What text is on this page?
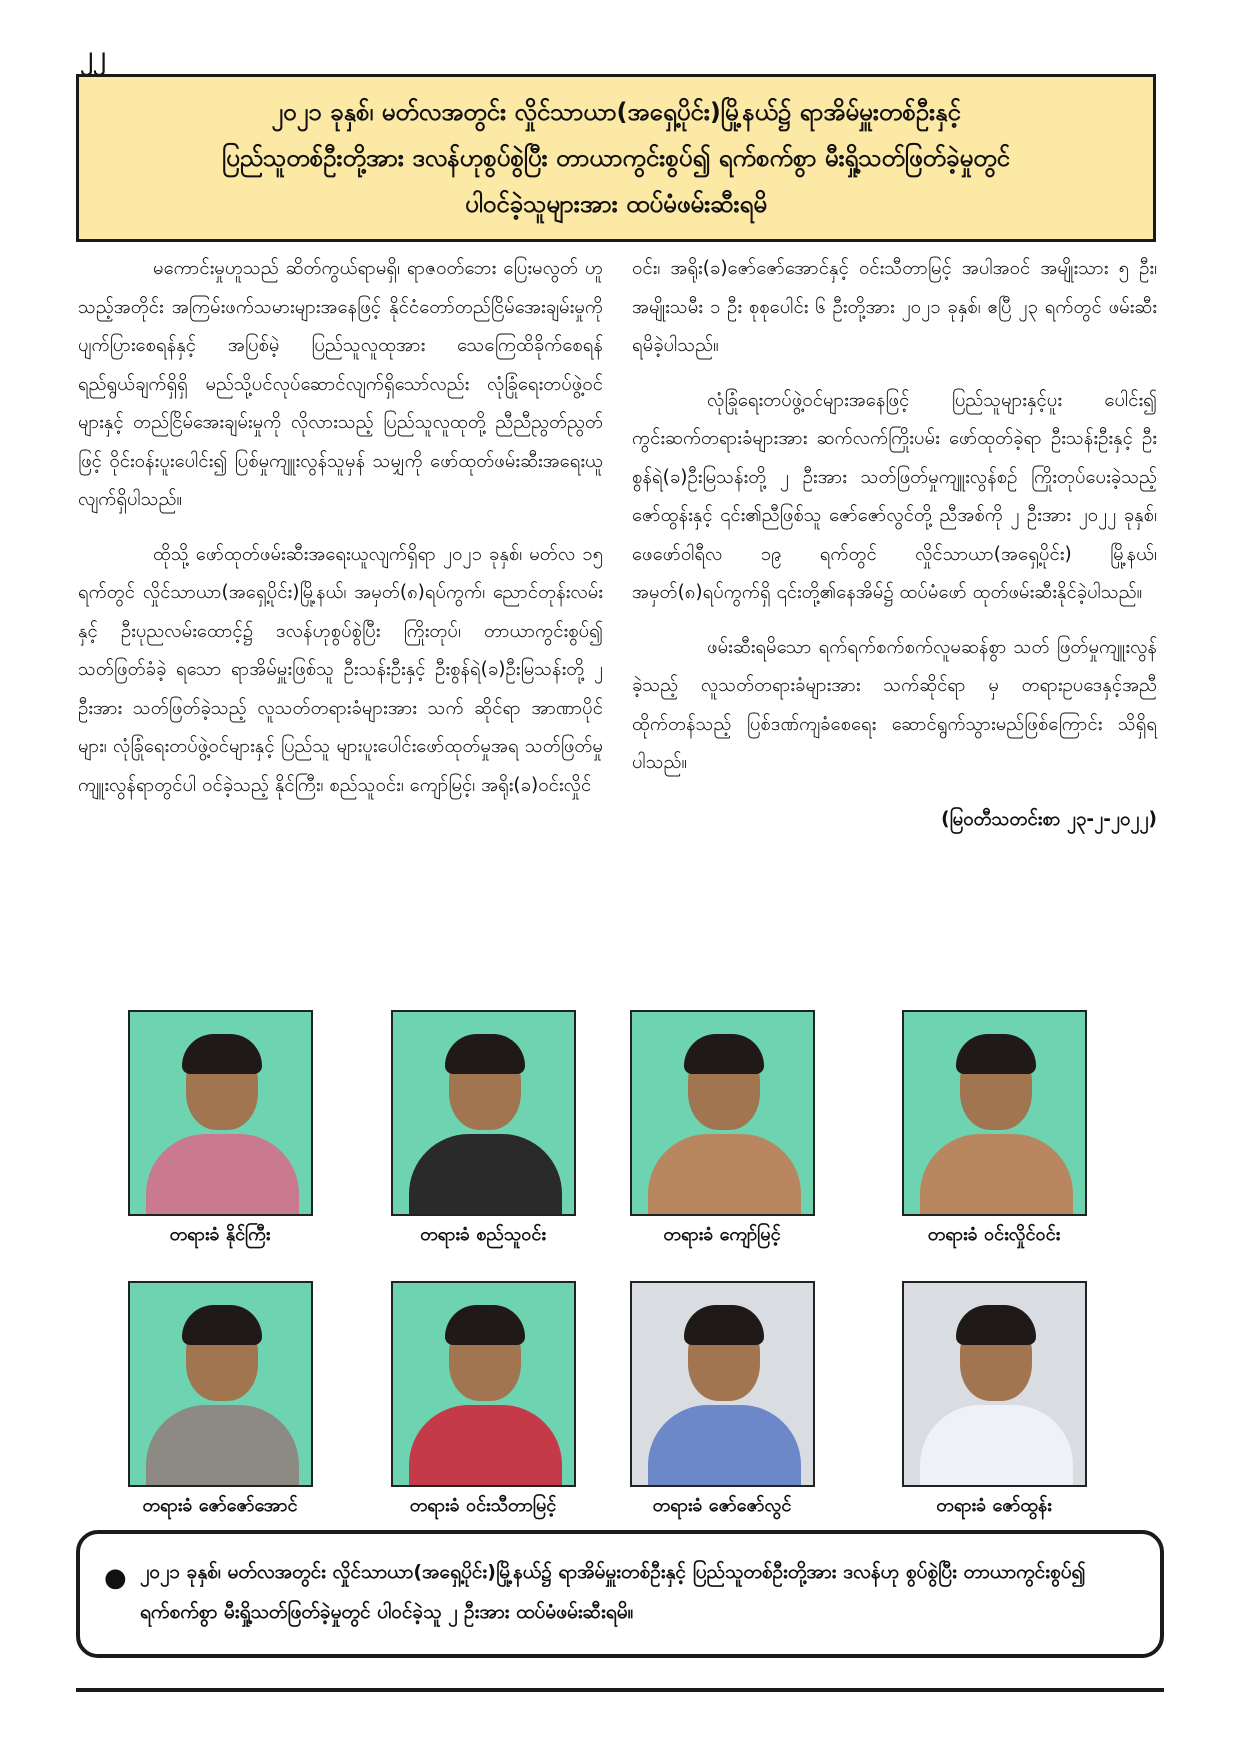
၂၂
၂၀၂၁ ခုနှစ်၊ မတ်လအတွင်း လှိုင်သာယာ(အရှေ့ပိုင်း)မြို့နယ်၌ ရာအိမ်မှူးတစ်ဦးနှင့်
ပြည်သူတစ်ဦးတို့အား ဒလန်ဟုစွပ်စွဲပြီး တာယာကွင်းစွပ်၍ ရက်စက်စွာ မီးရှို့သတ်ဖြတ်ခဲ့မှုတွင်
ပါဝင်ခဲ့သူများအား ထပ်မံဖမ်းဆီးရမိ

မကောင်းမှုဟူသည် ဆိတ်ကွယ်ရာမရှိ၊ ရာဇဝတ်ဘေး ပြေးမလွတ် ဟူသည့်အတိုင်း အကြမ်းဖက်သမားများအနေဖြင့် နိုင်ငံတော်တည်ငြိမ်အေးချမ်းမှုကို ပျက်ပြားစေရန်နှင့် အပြစ်မဲ့ ပြည်သူလူထုအား သေကြေထိခိုက်စေရန် ရည်ရွယ်ချက်ရှိရှိ မည်သို့ပင်လုပ်ဆောင်လျက်ရှိသော်လည်း လုံခြုံရေးတပ်ဖွဲ့ဝင် များနှင့် တည်ငြိမ်အေးချမ်းမှုကို လိုလားသည့် ပြည်သူလူထုတို့ ညီညီညွတ်ညွတ်ဖြင့် ဝိုင်းဝန်းပူးပေါင်း၍ ပြစ်မှုကျူးလွန်သူမှန် သမျှကို ဖော်ထုတ်ဖမ်းဆီးအရေးယူလျက်ရှိပါသည်။

ထိုသို့ ဖော်ထုတ်ဖမ်းဆီးအရေးယူလျက်ရှိရာ ၂၀၂၁ ခုနှစ်၊ မတ်လ ၁၅ ရက်တွင် လှိုင်သာယာ(အရှေ့ပိုင်း)မြို့နယ်၊ အမှတ်(၈)ရပ်ကွက်၊ ညောင်တုန်းလမ်းနှင့် ဦးပုညလမ်းထောင့်၌ ဒလန်ဟုစွပ်စွဲပြီး ကြိုးတုပ်၊ တာယာကွင်းစွပ်၍ သတ်ဖြတ်ခံခဲ့ ရသော ရာအိမ်မှူးဖြစ်သူ ဦးသန်းဦးနှင့် ဦးစွန်ရဲ(ခ)ဦးမြသန်းတို့ ၂ ဦးအား သတ်ဖြတ်ခဲ့သည့် လူသတ်တရားခံများအား သက် ဆိုင်ရာ အာဏာပိုင်များ၊ လုံခြုံရေးတပ်ဖွဲ့ဝင်များနှင့် ပြည်သူ များပူးပေါင်းဖော်ထုတ်မှုအရ သတ်ဖြတ်မှု ကျူးလွန်ရာတွင်ပါ ဝင်ခဲ့သည့် နိုင်ကြီး၊ စည်သူဝင်း၊ ကျော်မြင့်၊ အရိုး(ခ)ဝင်းလှိုင်

ဝင်း၊ အရိုး(ခ)ဇော်ဇော်အောင်နှင့် ဝင်းသီတာမြင့် အပါအဝင် အမျိုးသား ၅ ဦး၊ အမျိုးသမီး ၁ ဦး စုစုပေါင်း ၆ ဦးတို့အား ၂၀၂၁ ခုနှစ်၊ ဧပြီ ၂၃ ရက်တွင် ဖမ်းဆီးရမိခဲ့ပါသည်။

လုံခြုံရေးတပ်ဖွဲ့ဝင်များအနေဖြင့် ပြည်သူများနှင့်ပူး ပေါင်း၍ ကွင်းဆက်တရားခံများအား ဆက်လက်ကြိုးပမ်း ဖော်ထုတ်ခဲ့ရာ ဦးသန်းဦးနှင့် ဦးစွန်ရဲ(ခ)ဦးမြသန်းတို့ ၂ ဦးအား သတ်ဖြတ်မှုကျူးလွန်စဉ် ကြိုးတုပ်ပေးခဲ့သည့် ဇော်ထွန်းနှင့် ၎င်း၏ညီဖြစ်သူ ဇော်ဇော်လွင်တို့ ညီအစ်ကို ၂ ဦးအား ၂၀၂၂ ခုနှစ်၊ ဖေဖော်ဝါရီလ ၁၉ ရက်တွင် လှိုင်သာယာ(အရှေ့ပိုင်း) မြို့နယ်၊ အမှတ်(၈)ရပ်ကွက်ရှိ ၎င်းတို့၏နေအိမ်၌ ထပ်မံဖော် ထုတ်ဖမ်းဆီးနိုင်ခဲ့ပါသည်။

ဖမ်းဆီးရမိသော ရက်ရက်စက်စက်လူမဆန်စွာ သတ် ဖြတ်မှုကျူးလွန်ခဲ့သည့် လူသတ်တရားခံများအား သက်ဆိုင်ရာ မှ တရားဥပဒေနှင့်အညီ ထိုက်တန်သည့် ပြစ်ဒဏ်ကျခံစေရေး ဆောင်ရွက်သွားမည်ဖြစ်ကြောင်း သိရှိရပါသည်။

(မြဝတီသတင်းစာ ၂၃-၂-၂၀၂၂)

တရားခံ နိုင်ကြီး	တရားခံ စည်သူဝင်း	တရားခံ ကျော်မြင့်	တရားခံ ဝင်းလှိုင်ဝင်း
တရားခံ ဇော်ဇော်အောင်	တရားခံ ဝင်းသီတာမြင့်	တရားခံ ဇော်ဇော်လွင်	တရားခံ ဇော်ထွန်း
● ၂၀၂၁ ခုနှစ်၊ မတ်လအတွင်း လှိုင်သာယာ(အရှေ့ပိုင်း)မြို့နယ်၌ ရာအိမ်မှူးတစ်ဦးနှင့် ပြည်သူတစ်ဦးတို့အား ဒလန်ဟု စွပ်စွဲပြီး တာယာကွင်းစွပ်၍ ရက်စက်စွာ မီးရှို့သတ်ဖြတ်ခဲ့မှုတွင် ပါဝင်ခဲ့သူ ၂ ဦးအား ထပ်မံဖမ်းဆီးရမိ။
